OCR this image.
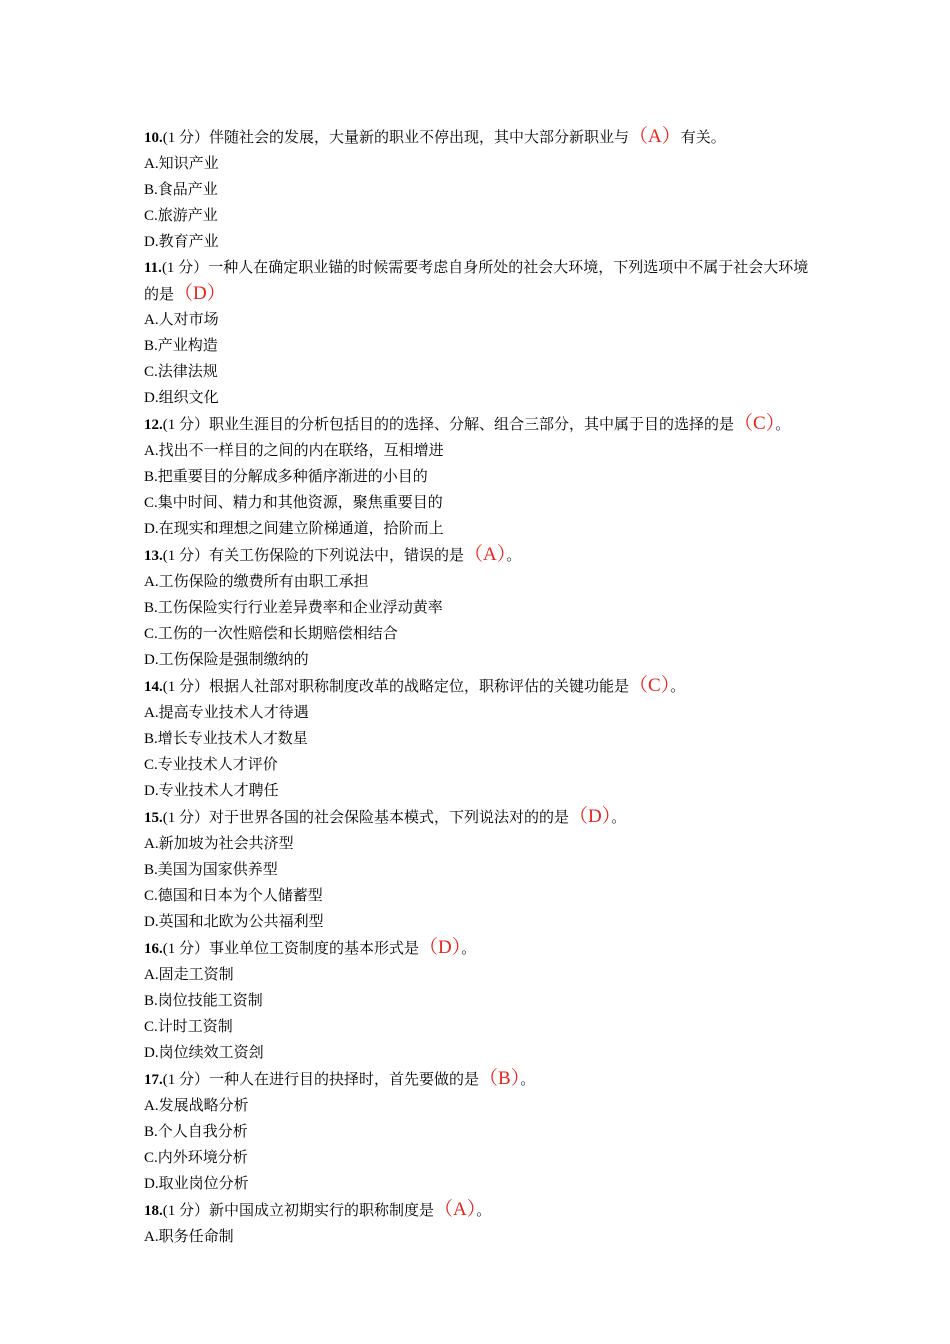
10.(1 分）伴随社会的发展，大量新的职业不停出现，其中大部分新职业与（A）有关。

A.知识产业

B.食品产业

C.旅游产业

D.教育产业

11.(1 分）一种人在确定职业锚的时候需要考虑自身所处的社会大环境，下列选项中不属于社会大环境的是（D）

A.人对市场

B.产业构造

C.法律法规

D.组织文化

12.(1 分）职业生涯目的分析包括目的的选择、分解、组合三部分，其中属于目的选择的是（C）。

A.找出不一样目的之间的内在联络，互相增进

B.把重要目的分解成多种循序渐进的小目的

C.集中时间、精力和其他资源，聚焦重要目的

D.在现实和理想之间建立阶梯通道，拾阶而上

13.(1 分）有关工伤保险的下列说法中，错误的是（A）。

A.工伤保险的缴费所有由职工承担

B.工伤保险实行行业差异费率和企业浮动黄率

C.工伤的一次性赔偿和长期赔偿相结合

D.工伤保险是强制缴纳的

14.(1 分）根据人社部对职称制度改革的战略定位，职称评估的关键功能是（C）。

A.提高专业技术人才待遇

B.增长专业技术人才数星

C.专业技术人才评价

D.专业技术人才聘任

15.(1 分）对于世界各国的社会保险基本模式，下列说法对的的是（D）。

A.新加坡为社会共济型

B.美国为国家供养型

C.德国和日本为个人储蓄型

D.英国和北欧为公共福利型

16.(1 分）事业单位工资制度的基本形式是（D）。

A.固走工资制

B.岗位技能工资制

C.计时工资制

D.岗位续效工资刽

17.(1 分）一种人在进行目的抉择时，首先要做的是（B）。

A.发展战略分析

B.个人自我分析

C.内外环境分析

D.取业岗位分析

18.(1 分）新中国成立初期实行的职称制度是（A）。

A.职务任命制
